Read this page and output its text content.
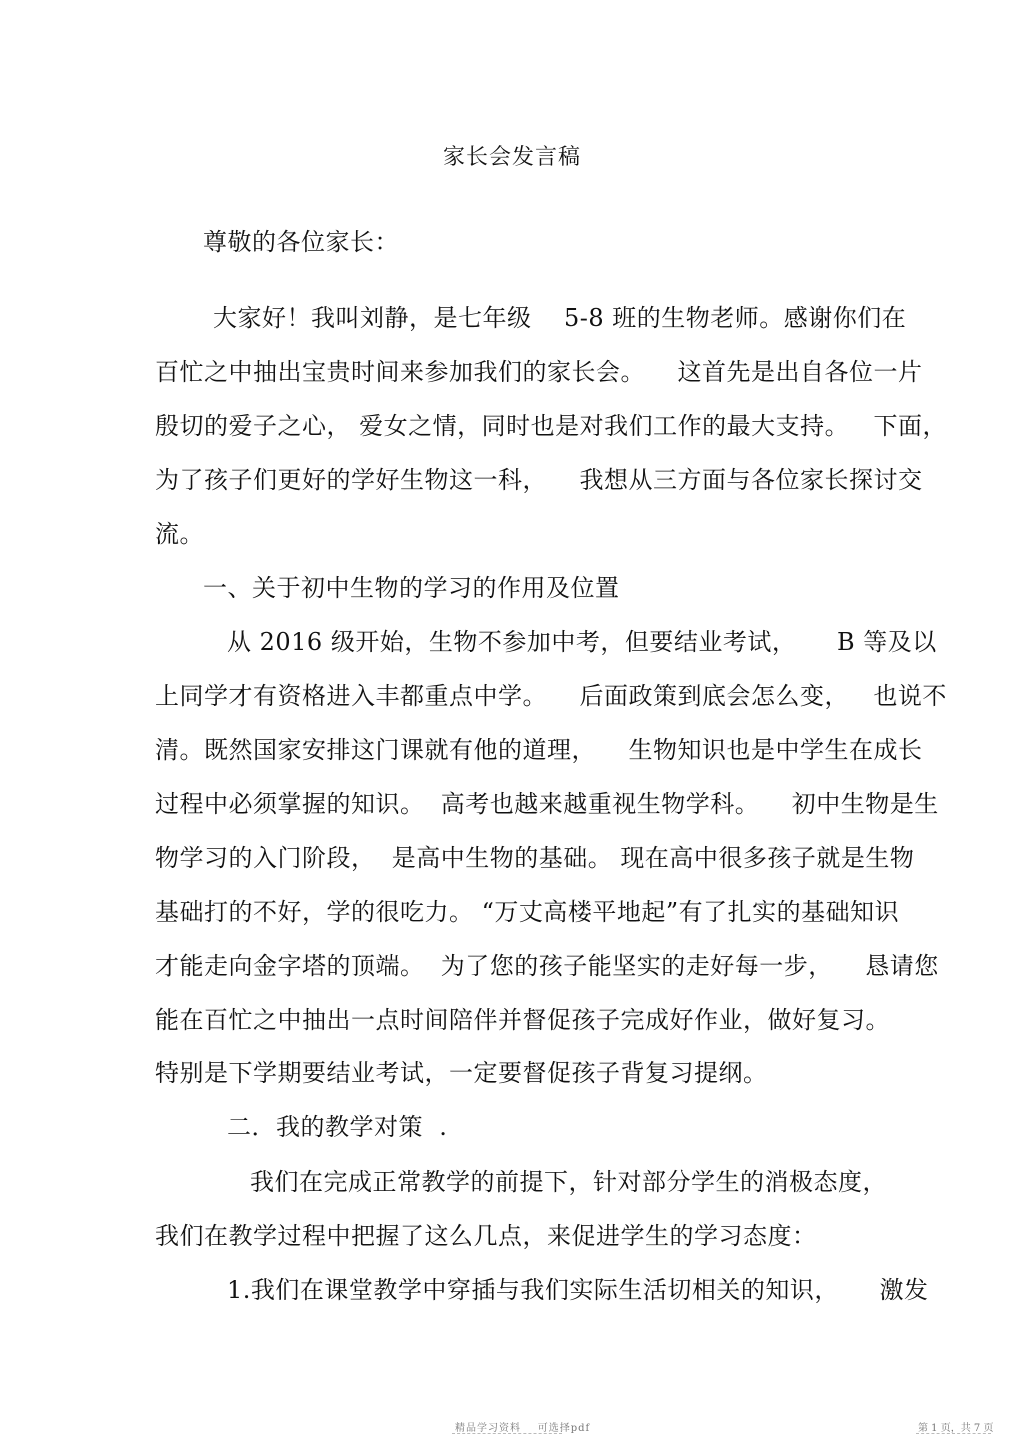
家长会发言稿
尊敬的各位家长：
大家好！我叫刘静，是七年级    5-8 班的生物老师。感谢你们在
百忙之中抽出宝贵时间来参加我们的家长会。    这首先是出自各位一片
殷切的爱子之心， 爱女之情，同时也是对我们工作的最大支持。   下面，
为了孩子们更好的学好生物这一科，    我想从三方面与各位家长探讨交
流。
一、关于初中生物的学习的作用及位置
从 2016 级开始，生物不参加中考，但要结业考试，     B 等及以
上同学才有资格进入丰都重点中学。    后面政策到底会怎么变，   也说不
清。既然国家安排这门课就有他的道理，    生物知识也是中学生在成长
过程中必须掌握的知识。  高考也越来越重视生物学科。    初中生物是生
物学习的入门阶段，  是高中生物的基础。 现在高中很多孩子就是生物
基础打的不好，学的很吃力。 “万丈高楼平地起”有了扎实的基础知识
才能走向金字塔的顶端。  为了您的孩子能坚实的走好每一步，    恳请您
能在百忙之中抽出一点时间陪伴并督促孩子完成好作业，做好复习。
特别是下学期要结业考试，一定要督促孩子背复习提纲。
二．我的教学对策  .
我们在完成正常教学的前提下，针对部分学生的消极态度，
我们在教学过程中把握了这么几点，来促进学生的学习态度：
1.我们在课堂教学中穿插与我们实际生活切相关的知识，     激发
精品学习资料    可选择pdf	第 1 页，共 7 页
